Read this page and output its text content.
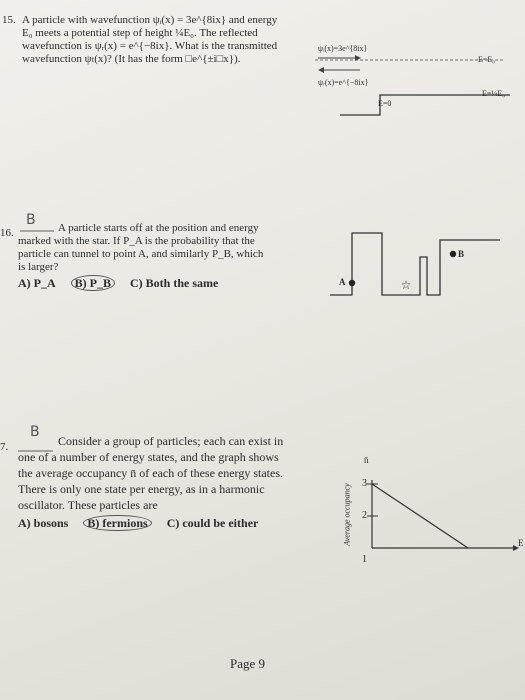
15. A particle with wavefunction ψᵢ(x) = 3e^{8ix} and energy
E₀ meets a potential step of height ¼E₀. The reflected
wavefunction is ψᵣ(x) = e^{−8ix}. What is the transmitted
wavefunction ψₜ(x)? (It has the form □e^{±i□x}).
ψᵢ(x)=3e^{8ix}
ψᵣ(x)=e^{−8ix}
E=E₀
E=¼E₀
E=0
16.
B A particle starts off at the position and energy
marked with the star. If P_A is the probability that the
particle can tunnel to point A, and similarly P_B, which
is larger?
A) P_A B) P_B C) Both the same	☆
A
B
7.
B
Consider a group of particles; each can exist in
one of a number of energy states, and the graph shows
the average occupancy n̄ of each of these energy states.
There is only one state per energy, as in a harmonic
oscillator. These particles are
A) bosons B) fermions C) could be either
n̄
E
3
2
1
Average occupancy
Page 9
